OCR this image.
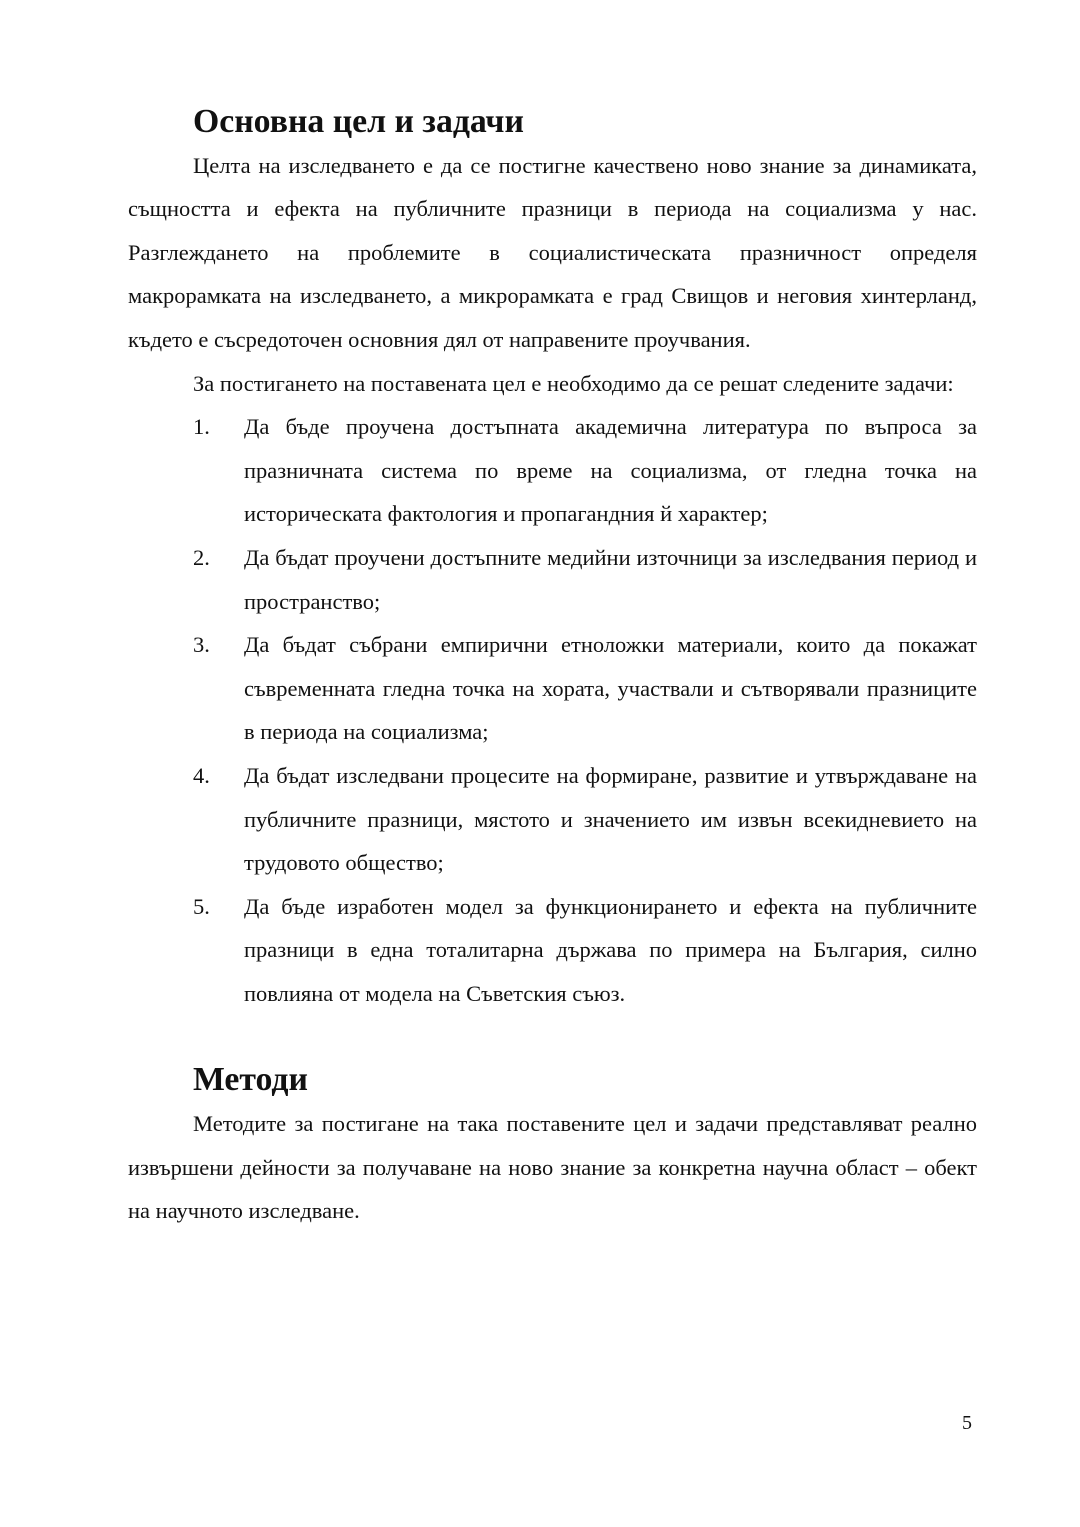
Основна цел и задачи

Целта на изследването е да се постигне качествено ново знание за динамиката, същността и ефекта на публичните празници в периода на социализма у нас. Разглеждането на проблемите в социалистическата празничност определя макрорамката на изследването, а микрорамката е град Свищов и неговия хинтерланд, където е съсредоточен основния дял от направените проучвания.

За постигането на поставената цел е необходимо да се решат следените задачи:

1. Да бъде проучена достъпната академична литература по въпроса за празничната система по време на социализма, от гледна точка на историческата фактология и пропагандния й характер;
2. Да бъдат проучени достъпните медийни източници за изследвания период и пространство;
3. Да бъдат събрани емпирични етноложки материали, които да покажат съвременната гледна точка на хората, участвали и сътворявали празниците в периода на социализма;
4. Да бъдат изследвани процесите на формиране, развитие и утвърждаване на публичните празници, мястото и значението им извън всекидневието на трудовото общество;
5. Да бъде изработен модел за функционирането и ефекта на публичните празници в една тоталитарна държава по примера на България, силно повлияна от модела на Съветския съюз.
Методи

Методите за постигане на така поставените цел и задачи представляват реално извършени дейности за получаване на ново знание за конкретна научна област – обект на научното изследване.

5
